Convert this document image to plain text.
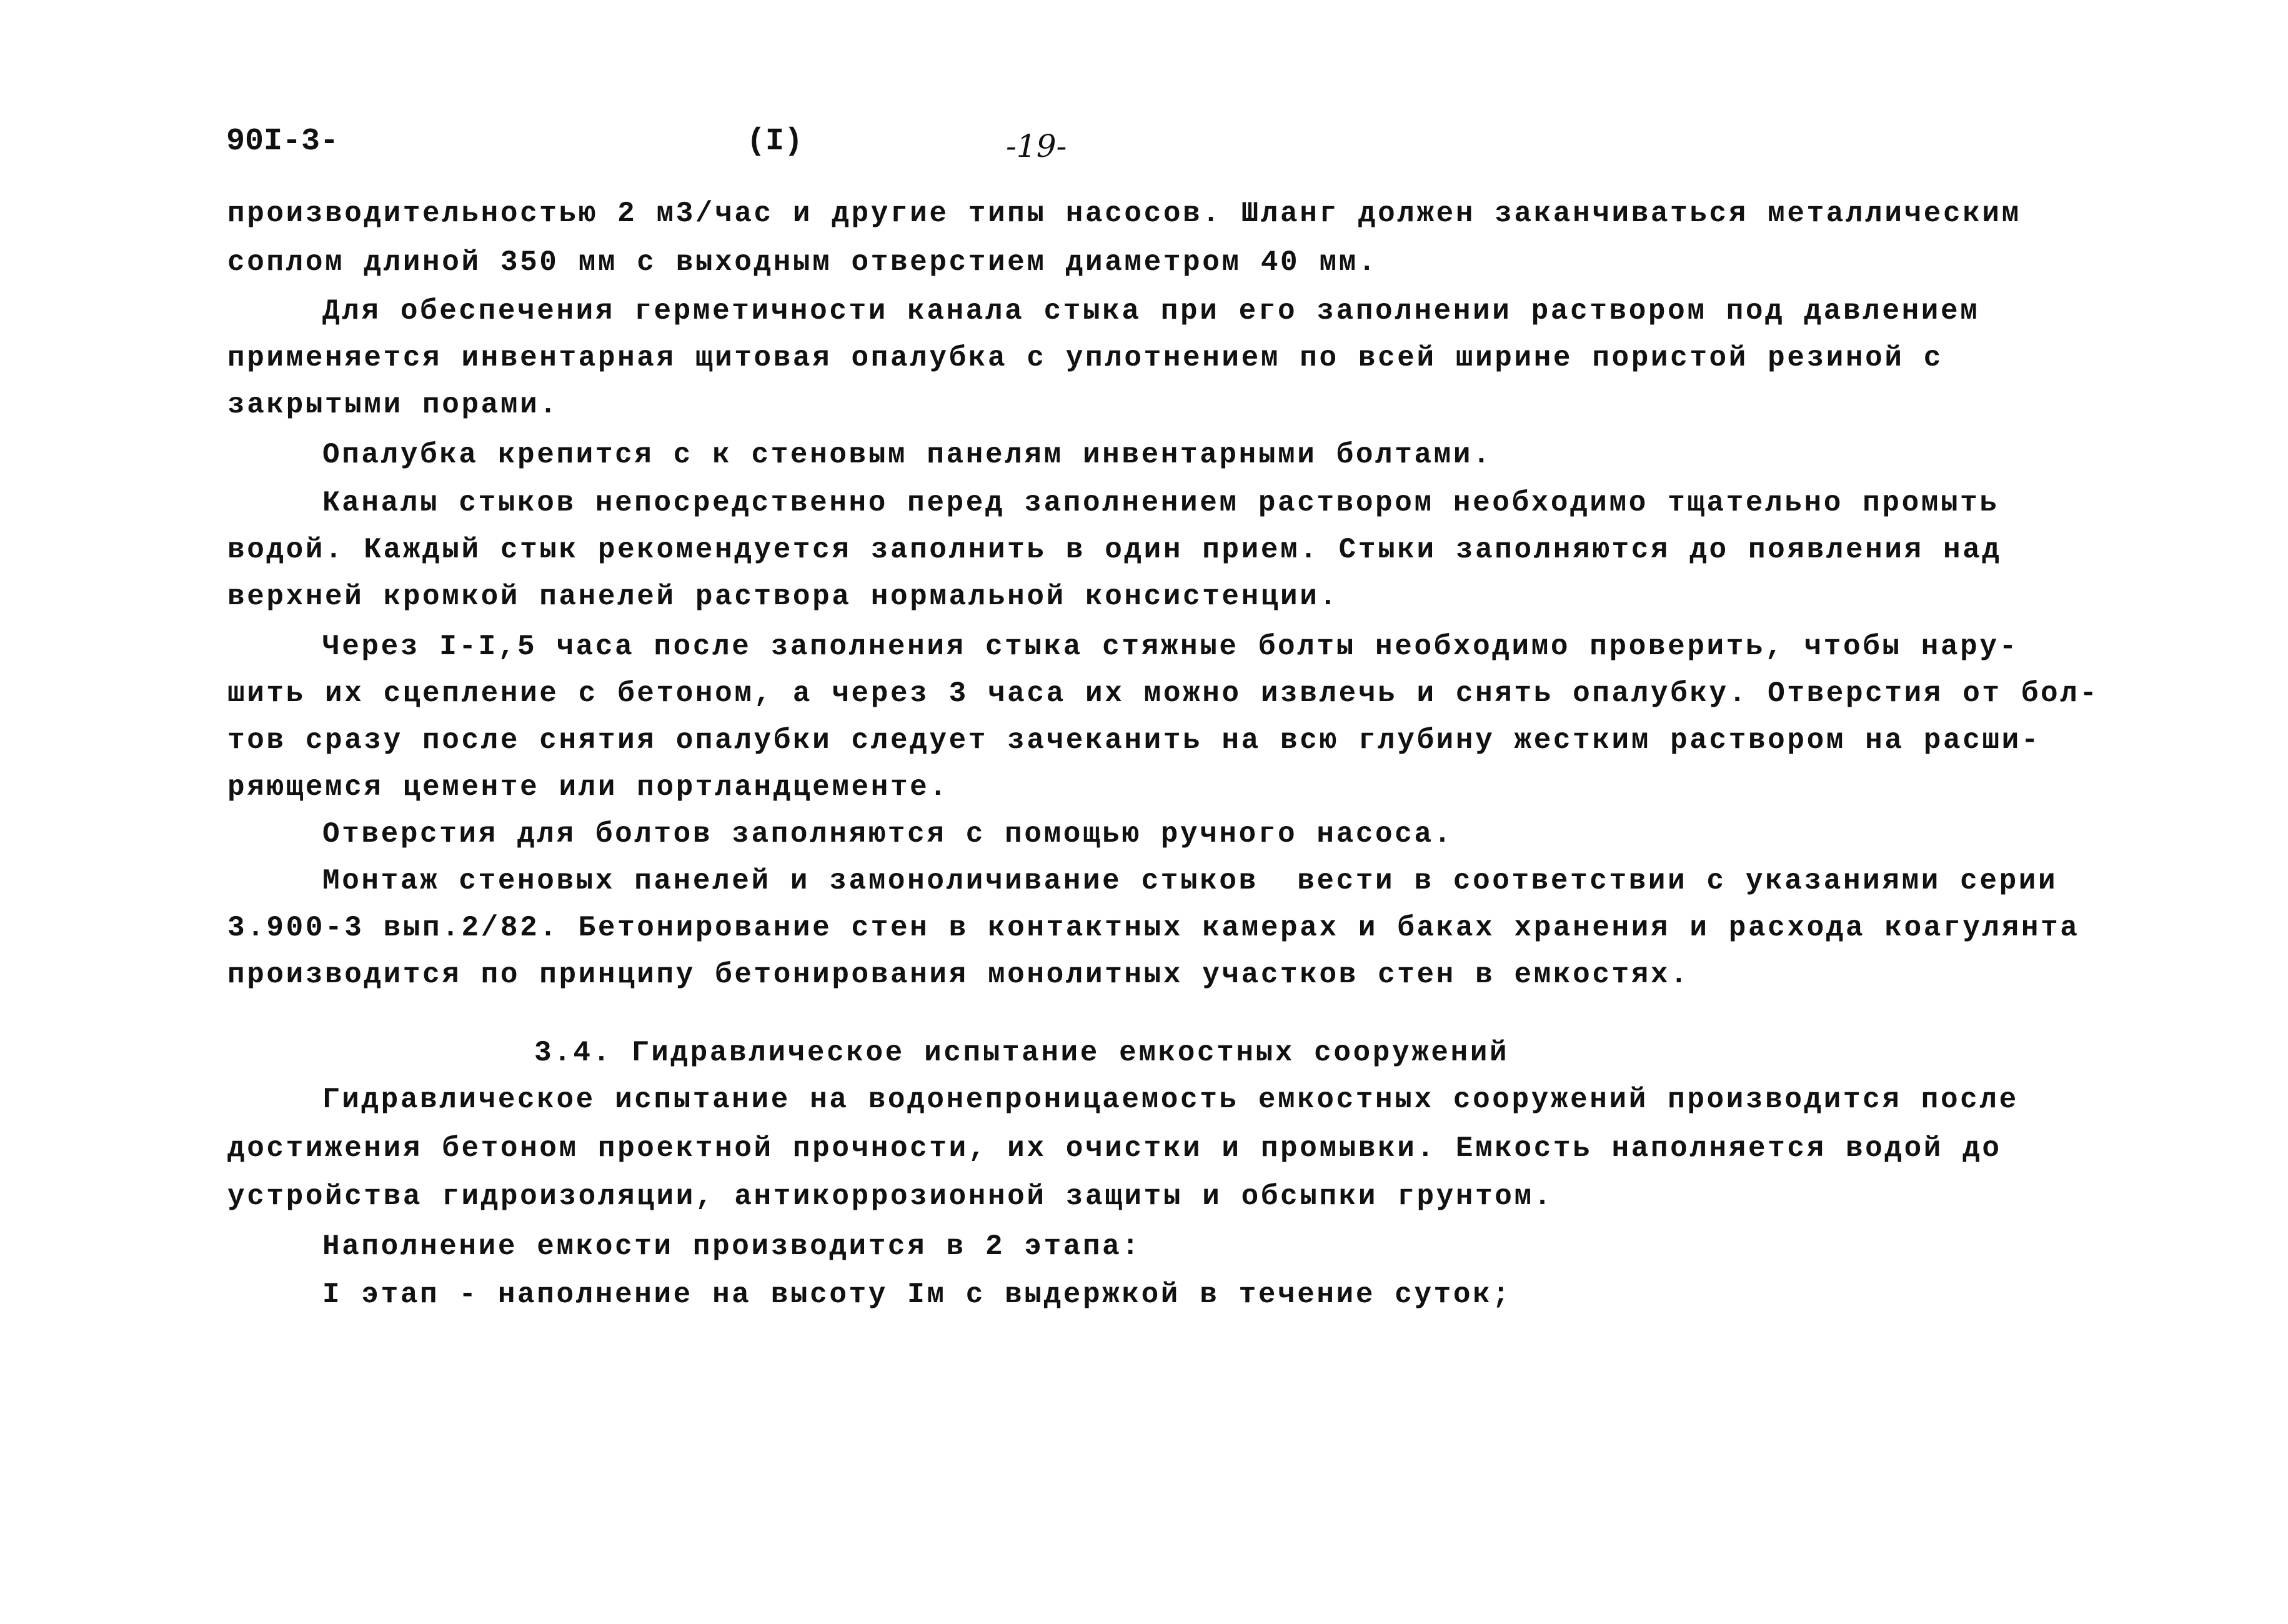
90I-3-	(I)	-19-
производительностью 2 м3/час и другие типы насосов. Шланг должен заканчиваться металлическим
соплом длиной 350 мм с выходным отверстием диаметром 40 мм.
Для обеспечения герметичности канала стыка при его заполнении раствором под давлением
применяется инвентарная щитовая опалубка с уплотнением по всей ширине пористой резиной с
закрытыми порами.
Опалубка крепится с к стеновым панелям инвентарными болтами.
Каналы стыков непосредственно перед заполнением раствором необходимо тщательно промыть
водой. Каждый стык рекомендуется заполнить в один прием. Стыки заполняются до появления над
верхней кромкой панелей раствора нормальной консистенции.
Через I-I,5 часа после заполнения стыка стяжные болты необходимо проверить, чтобы нару-
шить их сцепление с бетоном, а через 3 часа их можно извлечь и снять опалубку. Отверстия от бол-
тов сразу после снятия опалубки следует зачеканить на всю глубину жестким раствором на расши-
ряющемся цементе или портландцементе.
Отверстия для болтов заполняются с помощью ручного насоса.
Монтаж стеновых панелей и замоноличивание стыков  вести в соответствии с указаниями серии
3.900-3 вып.2/82. Бетонирование стен в контактных камерах и баках хранения и расхода коагулянта
производится по принципу бетонирования монолитных участков стен в емкостях.
3.4. Гидравлическое испытание емкостных сооружений
Гидравлическое испытание на водонепроницаемость емкостных сооружений производится после
достижения бетоном проектной прочности, их очистки и промывки. Емкость наполняется водой до
устройства гидроизоляции, антикоррозионной защиты и обсыпки грунтом.
Наполнение емкости производится в 2 этапа:
I этап - наполнение на высоту Iм с выдержкой в течение суток;
